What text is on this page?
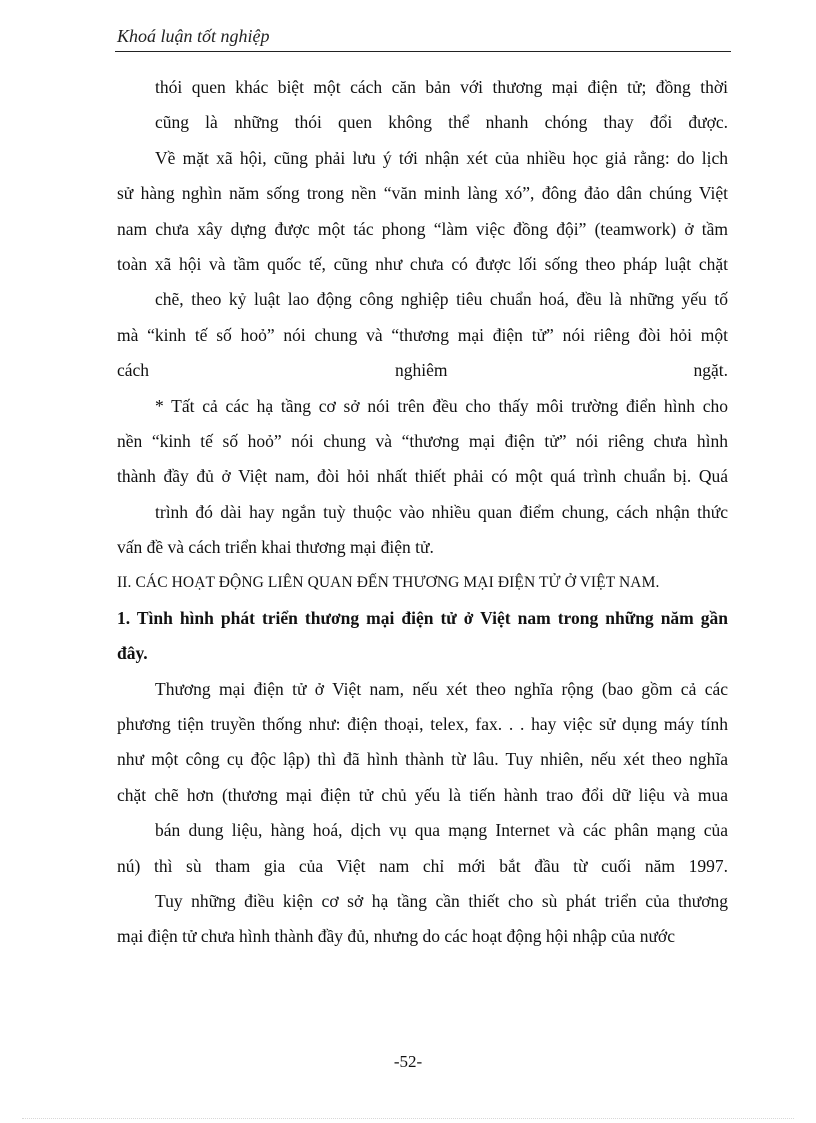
Khoá luận tốt nghiệp
thói quen khác biệt một cách căn bản với thương mại điện tử; đồng thời
cũng là những thói quen không thể nhanh chóng thay đổi được.
Về mặt xã hội, cũng phải lưu ý tới nhận xét của nhiều học giả rằng: do lịch
sử hàng nghìn năm sống trong nền “văn minh làng xó”, đông đảo dân chúng Việt
nam chưa xây dựng được một tác phong “làm việc đồng đội” (teamwork) ở tầm
toàn xã hội và tầm quốc tế, cũng như chưa có được lối sống theo pháp luật chặt
chẽ, theo kỷ luật lao động công nghiệp tiêu chuẩn hoá, đều là những yếu tố
mà “kinh tế số hoỏ” nói chung và “thương mại điện tử” nói riêng đòi hỏi một
cách	nghiêm	ngặt.
* Tất cả các hạ tầng cơ sở nói trên đều cho thấy môi trường điển hình cho
nền “kinh tế số hoỏ” nói chung và “thương mại điện tử” nói riêng chưa hình
thành đầy đủ ở Việt nam, đòi hỏi nhất thiết phải có một quá trình chuẩn bị. Quá
trình đó dài hay ngắn tuỳ thuộc vào nhiều quan điểm chung, cách nhận thức
vấn đề và cách triển khai thương mại điện tử.
II. CÁC HOẠT ĐỘNG LIÊN QUAN ĐẾN THƯƠNG MẠI ĐIỆN TỬ Ở VIỆT NAM.
1. Tình hình phát triển thương mại điện tử ở Việt nam trong những năm gần
đây.
Thương mại điện tử ở Việt nam, nếu xét theo nghĩa rộng (bao gồm cả các
phương tiện truyền thống như: điện thoại, telex, fax. . . hay việc sử dụng máy tính
như một công cụ độc lập) thì đã hình thành từ lâu. Tuy nhiên, nếu xét theo nghĩa
chặt chẽ hơn (thương mại điện tử chủ yếu là tiến hành trao đổi dữ liệu và mua
bán dung liệu, hàng hoá, dịch vụ qua mạng Internet và các phân mạng của
nú) thì sù tham gia của Việt nam chỉ mới bắt đầu từ cuối năm 1997.
Tuy những điều kiện cơ sở hạ tầng cần thiết cho sù phát triển của thương
mại điện tử chưa hình thành đầy đủ, nhưng do các hoạt động hội nhập của nước
-52-
